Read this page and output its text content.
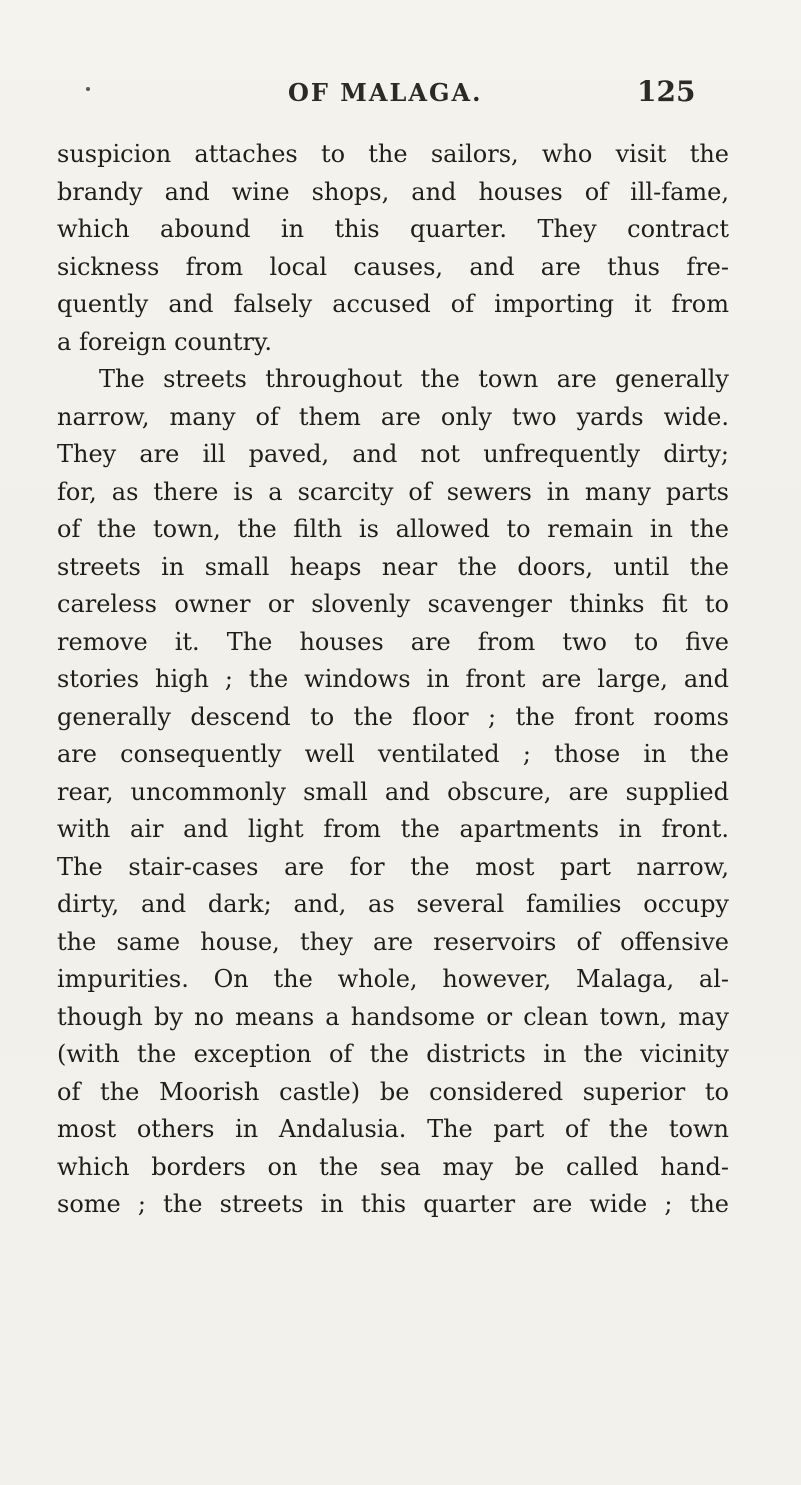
OF MALAGA.	125
suspicion attaches to the sailors, who visit the
brandy and wine shops, and houses of ill-fame,
which abound in this quarter. They contract
sickness from local causes, and are thus fre-
quently and falsely accused of importing it from
a foreign country.
The streets throughout the town are generally
narrow, many of them are only two yards wide.
They are ill paved, and not unfrequently dirty;
for, as there is a scarcity of sewers in many parts
of the town, the filth is allowed to remain in the
streets in small heaps near the doors, until the
careless owner or slovenly scavenger thinks fit to
remove it. The houses are from two to five
stories high ; the windows in front are large, and
generally descend to the floor ; the front rooms
are consequently well ventilated ; those in the
rear, uncommonly small and obscure, are supplied
with air and light from the apartments in front.
The stair-cases are for the most part narrow,
dirty, and dark; and, as several families occupy
the same house, they are reservoirs of offensive
impurities. On the whole, however, Malaga, al-
though by no means a handsome or clean town, may
(with the exception of the districts in the vicinity
of the Moorish castle) be considered superior to
most others in Andalusia. The part of the town
which borders on the sea may be called hand-
some ; the streets in this quarter are wide ; the
